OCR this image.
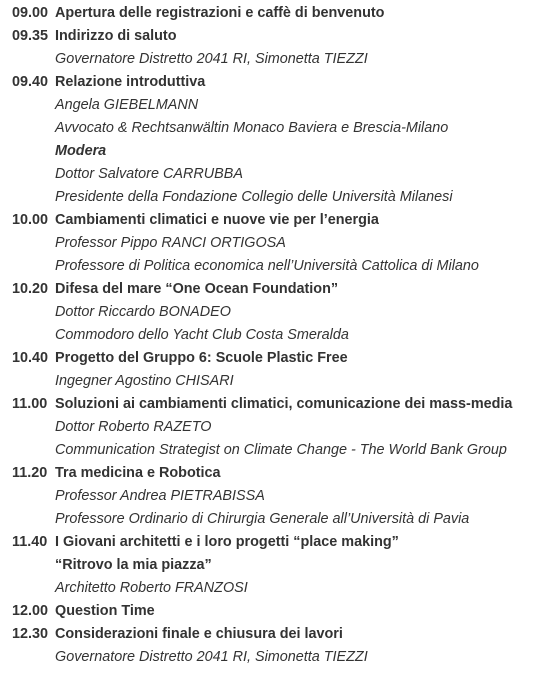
09.00 Apertura delle registrazioni e caffè di benvenuto
09.35 Indirizzo di saluto
Governatore Distretto 2041 RI, Simonetta TIEZZI
09.40 Relazione introduttiva
Angela GIEBELMANN
Avvocato & Rechtsanwältin Monaco Baviera e Brescia-Milano
Modera
Dottor Salvatore CARRUBBA
Presidente della Fondazione Collegio delle Università Milanesi
10.00 Cambiamenti climatici e nuove vie per l’energia
Professor Pippo RANCI ORTIGOSA
Professore di Politica economica nell’Università Cattolica di Milano
10.20 Difesa del mare “One Ocean Foundation”
Dottor Riccardo BONADEO
Commodoro dello Yacht Club Costa Smeralda
10.40 Progetto del Gruppo 6: Scuole Plastic Free
Ingegner Agostino CHISARI
11.00 Soluzioni ai cambiamenti climatici, comunicazione dei mass-media
Dottor Roberto RAZETO
Communication Strategist on Climate Change - The World Bank Group
11.20 Tra medicina e Robotica
Professor Andrea PIETRABISSA
Professore Ordinario di Chirurgia Generale all’Università di Pavia
11.40 I Giovani architetti e i loro progetti “place making”
“Ritrovo la mia piazza”
Architetto Roberto FRANZOSI
12.00 Question Time
12.30 Considerazioni finale e chiusura dei lavori
Governatore Distretto 2041 RI, Simonetta TIEZZI
